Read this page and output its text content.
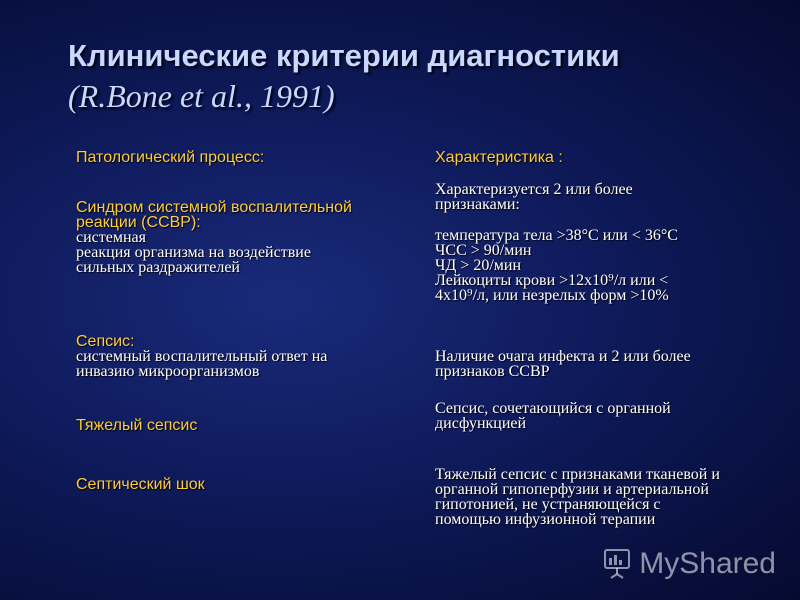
Клинические критерии диагностики
(R.Bone et al., 1991)
Патологический процесс:
Синдром системной воспалительной
реакции (ССВР):
системная
реакция организма на воздействие
сильных раздражителей
Сепсис:
системный воспалительный ответ на
инвазию микроорганизмов
Тяжелый сепсис
Септический шок
Характеристика :
Характеризуется 2 или более
признаками:
температура тела >38°С или < 36°С
ЧСС > 90/мин
ЧД > 20/мин
Лейкоциты крови >12x10⁹/л или <
4x10⁹/л, или незрелых форм >10%
Наличие очага инфекта и 2 или более
признаков ССВР
Сепсис, сочетающийся с органной
дисфункцией
Тяжелый сепсис с признаками тканевой и
органной гипоперфузии и артериальной
гипотонией, не устраняющейся с
помощью инфузионной терапии
MyShared
